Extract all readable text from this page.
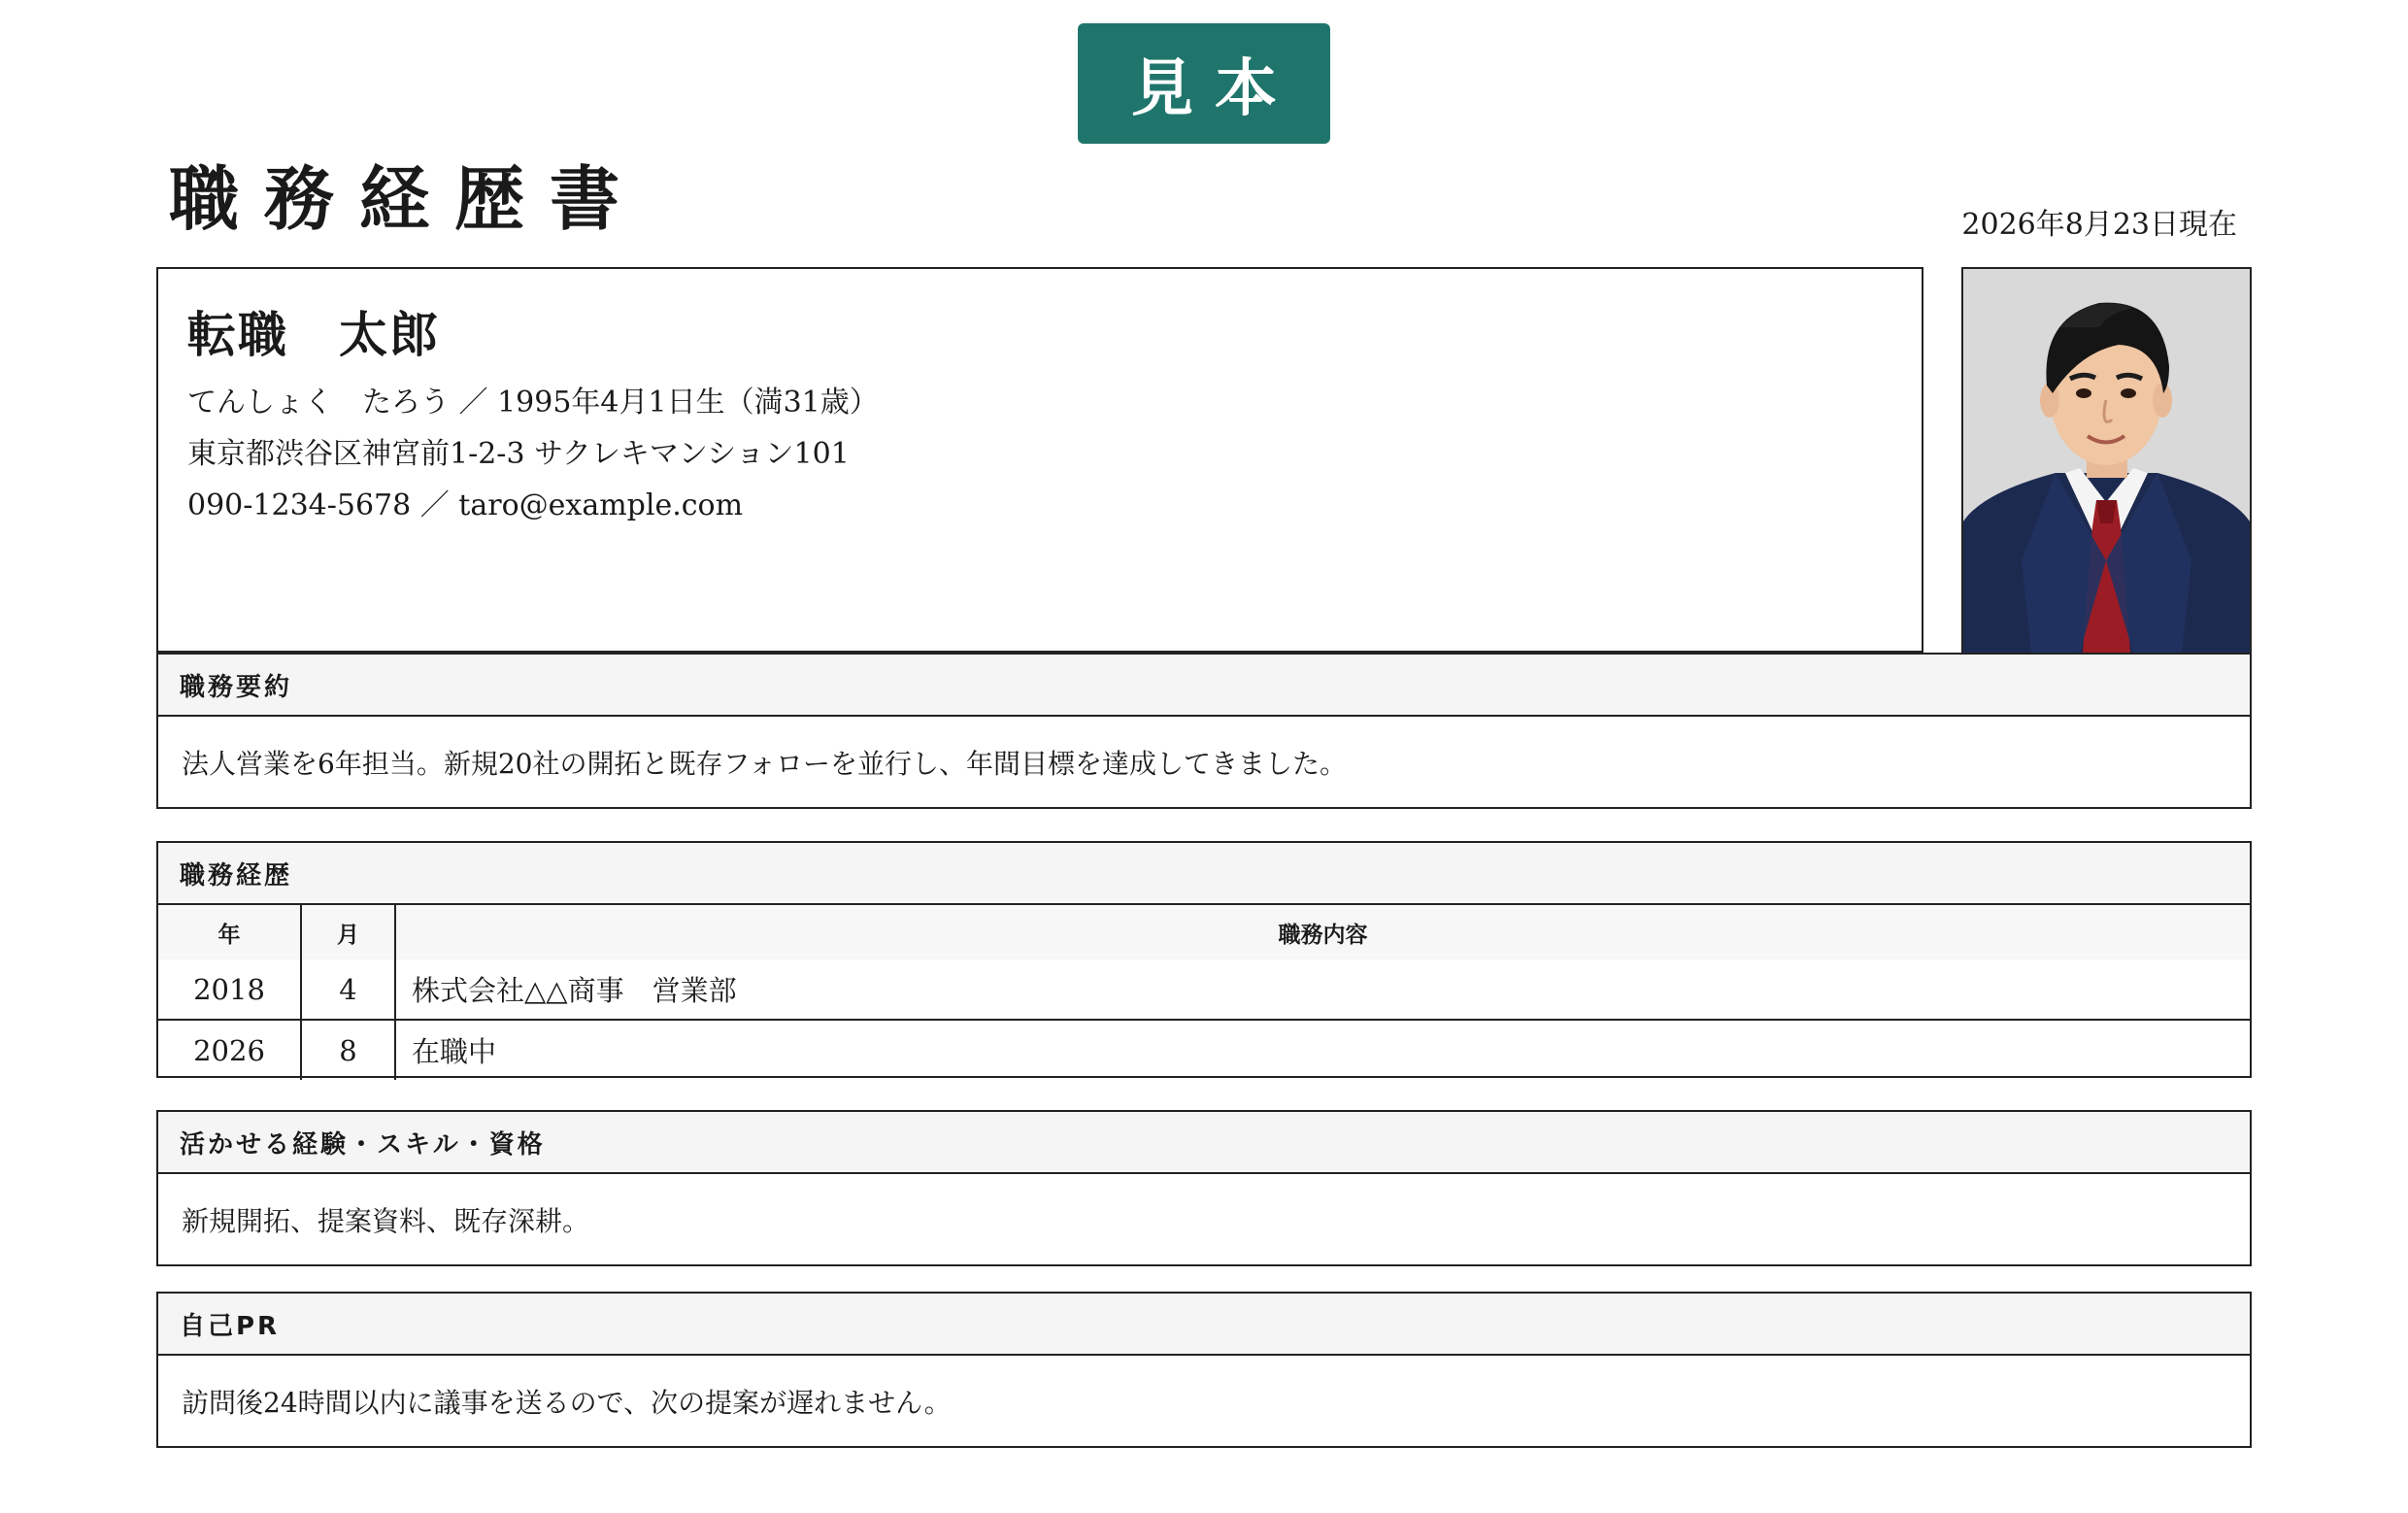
見本
職務経歴書	2026年8月23日現在
転職　太郎
てんしょく　たろう ／ 1995年4月1日生（満31歳）
東京都渋谷区神宮前1-2-3 サクレキマンション101
090-1234-5678 ／ taro@example.com
職務要約
法人営業を6年担当。新規20社の開拓と既存フォローを並行し、年間目標を達成してきました。
職務経歴
年	月	職務内容
2018	4	株式会社△△商事　営業部
2026	8	在職中
活かせる経験・スキル・資格
新規開拓、提案資料、既存深耕。
自己PR
訪問後24時間以内に議事を送るので、次の提案が遅れません。
